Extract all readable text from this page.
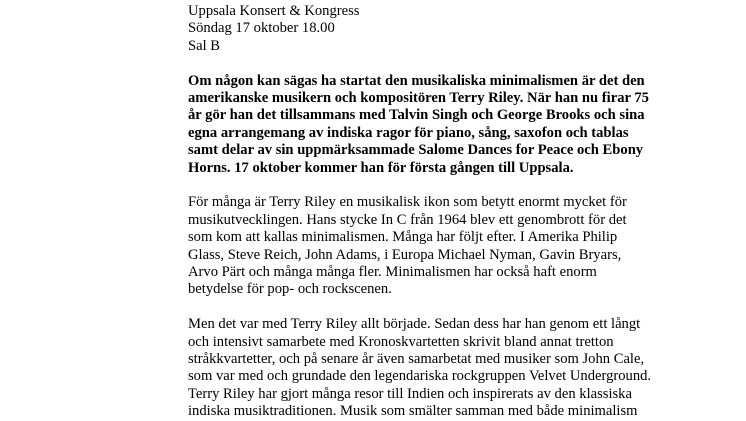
Uppsala Konsert & Kongress
Söndag 17 oktober 18.00
Sal B
Om någon kan sägas ha startat den musikaliska minimalismen är det den
amerikanske musikern och kompositören Terry Riley. När han nu firar 75
år gör han det tillsammans med Talvin Singh och George Brooks och sina
egna arrangemang av indiska ragor för piano, sång, saxofon och tablas
samt delar av sin uppmärksammade Salome Dances for Peace och Ebony
Horns. 17 oktober kommer han för första gången till Uppsala.
För många är Terry Riley en musikalisk ikon som betytt enormt mycket för
musikutvecklingen. Hans stycke In C från 1964 blev ett genombrott för det
som kom att kallas minimalismen. Många har följt efter. I Amerika Philip
Glass, Steve Reich, John Adams, i Europa Michael Nyman, Gavin Bryars,
Arvo Pärt och många många fler. Minimalismen har också haft enorm
betydelse för pop- och rockscenen.
Men det var med Terry Riley allt började. Sedan dess har han genom ett långt
och intensivt samarbete med Kronoskvartetten skrivit bland annat tretton
stråkkvartetter, och på senare år även samarbetat med musiker som John Cale,
som var med och grundade den legendariska rockgruppen Velvet Underground.
Terry Riley har gjort många resor till Indien och inspirerats av den klassiska
indiska musiktraditionen. Musik som smälter samman med både minimalism
